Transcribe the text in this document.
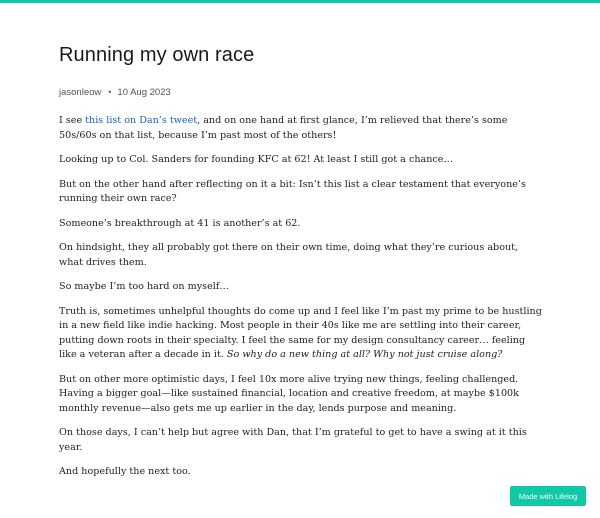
Running my own race
jasonleow • 10 Aug 2023

I see this list on Dan’s tweet, and on one hand at first glance, I’m relieved that there’s some 50s/60s on that list, because I’m past most of the others!

Looking up to Col. Sanders for founding KFC at 62! At least I still got a chance…

But on the other hand after reflecting on it a bit: Isn’t this list a clear testament that everyone’s running their own race?

Someone’s breakthrough at 41 is another’s at 62.

On hindsight, they all probably got there on their own time, doing what they’re curious about, what drives them.

So maybe I’m too hard on myself…

Truth is, sometimes unhelpful thoughts do come up and I feel like I’m past my prime to be hustling in a new field like indie hacking. Most people in their 40s like me are settling into their career, putting down roots in their specialty. I feel the same for my design consultancy career… feeling like a veteran after a decade in it. So why do a new thing at all? Why not just cruise along?

But on other more optimistic days, I feel 10x more alive trying new things, feeling challenged. Having a bigger goal—like sustained financial, location and creative freedom, at maybe $100k monthly revenue—also gets me up earlier in the day, lends purpose and meaning.

On those days, I can’t help but agree with Dan, that I’m grateful to get to have a swing at it this year.

And hopefully the next too.

Made with Lifelog
